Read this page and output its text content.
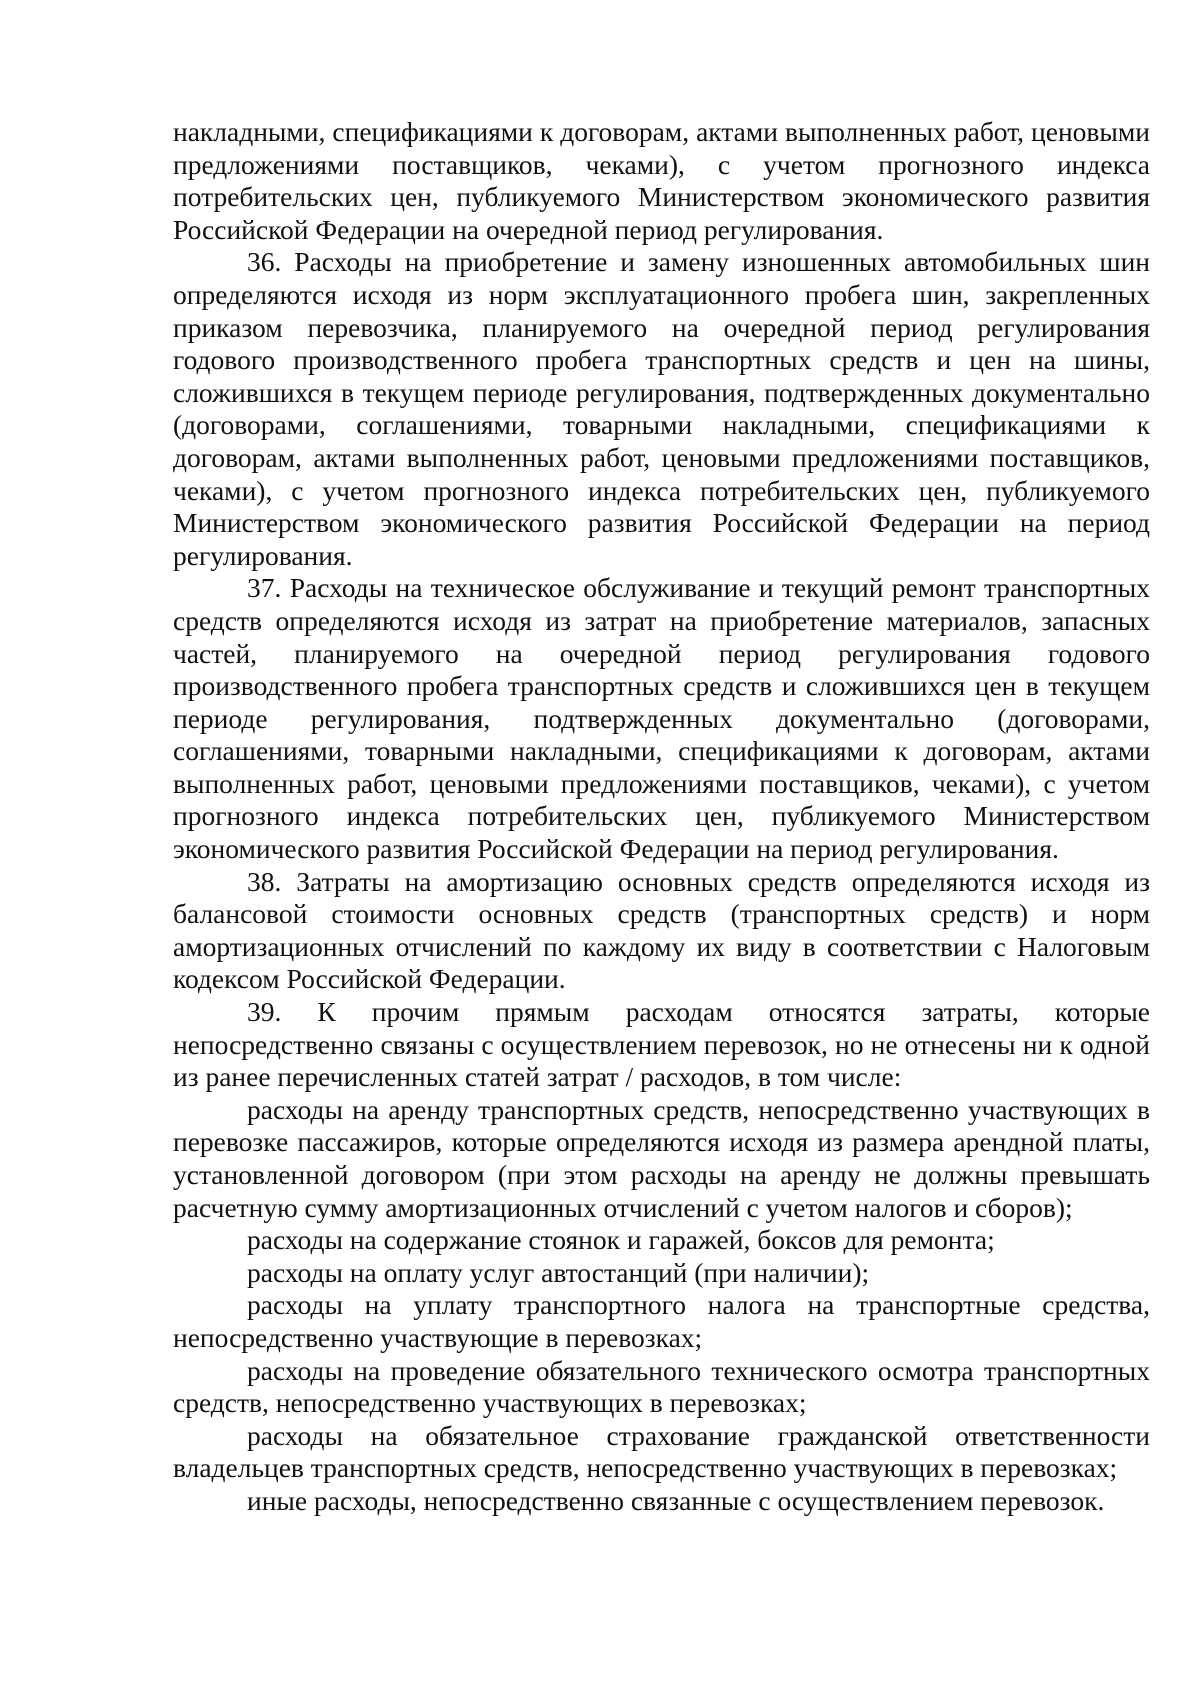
накладными, спецификациями к договорам, актами выполненных работ, ценовыми предложениями поставщиков, чеками), с учетом прогнозного индекса потребительских цен, публикуемого Министерством экономического развития Российской Федерации на очередной период регулирования.

36. Расходы на приобретение и замену изношенных автомобильных шин определяются исходя из норм эксплуатационного пробега шин, закрепленных приказом перевозчика, планируемого на очередной период регулирования годового производственного пробега транспортных средств и цен на шины, сложившихся в текущем периоде регулирования, подтвержденных документально (договорами, соглашениями, товарными накладными, спецификациями к договорам, актами выполненных работ, ценовыми предложениями поставщиков, чеками), с учетом прогнозного индекса потребительских цен, публикуемого Министерством экономического развития Российской Федерации на период регулирования.

37. Расходы на техническое обслуживание и текущий ремонт транспортных средств определяются исходя из затрат на приобретение материалов, запасных частей, планируемого на очередной период регулирования годового производственного пробега транспортных средств и сложившихся цен в текущем периоде регулирования, подтвержденных документально (договорами, соглашениями, товарными накладными, спецификациями к договорам, актами выполненных работ, ценовыми предложениями поставщиков, чеками), с учетом прогнозного индекса потребительских цен, публикуемого Министерством экономического развития Российской Федерации на период регулирования.

38. Затраты на амортизацию основных средств определяются исходя из балансовой стоимости основных средств (транспортных средств) и норм амортизационных отчислений по каждому их виду в соответствии с Налоговым кодексом Российской Федерации.

39. К прочим прямым расходам относятся затраты, которые непосредственно связаны с осуществлением перевозок, но не отнесены ни к одной из ранее перечисленных статей затрат / расходов, в том числе:

расходы на аренду транспортных средств, непосредственно участвующих в перевозке пассажиров, которые определяются исходя из размера арендной платы, установленной договором (при этом расходы на аренду не должны превышать расчетную сумму амортизационных отчислений с учетом налогов и сборов);

расходы на содержание стоянок и гаражей, боксов для ремонта;

расходы на оплату услуг автостанций (при наличии);

расходы на уплату транспортного налога на транспортные средства, непосредственно участвующие в перевозках;

расходы на проведение обязательного технического осмотра транспортных средств, непосредственно участвующих в перевозках;

расходы на обязательное страхование гражданской ответственности владельцев транспортных средств, непосредственно участвующих в перевозках;

иные расходы, непосредственно связанные с осуществлением перевозок.
